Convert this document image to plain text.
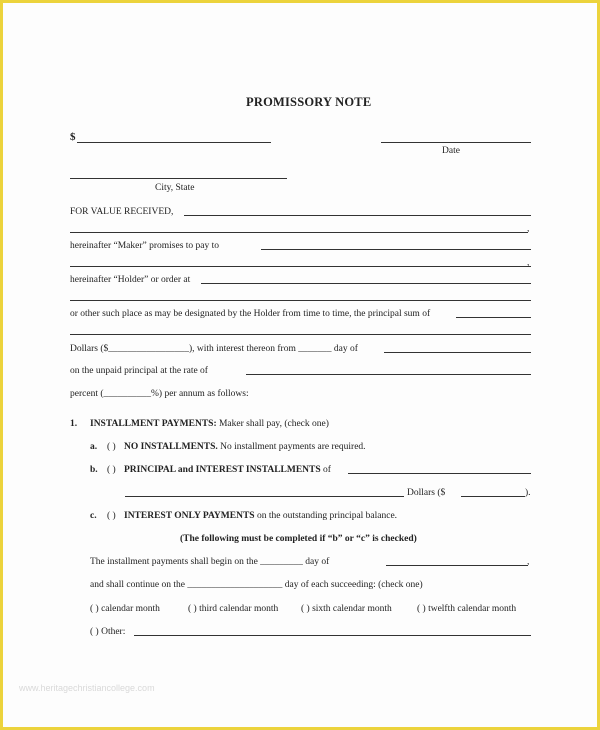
PROMISSORY NOTE
$
Date
City, State
FOR VALUE RECEIVED,
,
hereinafter “Maker” promises to pay to
,
hereinafter “Holder” or order at
or other such place as may be designated by the Holder from time to time, the principal sum of
Dollars ($_________________), with interest thereon from _______ day of
on the unpaid principal at the rate of
percent (__________%) per annum as follows:
1. INSTALLMENT PAYMENTS: Maker shall pay, (check one)
a. ( ) NO INSTALLMENTS. No installment payments are required.
b. ( ) PRINCIPAL and INTEREST INSTALLMENTS of
Dollars ($	).
c. ( ) INTEREST ONLY PAYMENTS on the outstanding principal balance.
(The following must be completed if “b” or “c” is checked)
The installment payments shall begin on the _________ day of	,
and shall continue on the ____________________ day of each succeeding: (check one)
( ) calendar month	( ) third calendar month ( ) sixth calendar month	( ) twelfth calendar month
( ) Other:
www.heritagechristiancollege.com
